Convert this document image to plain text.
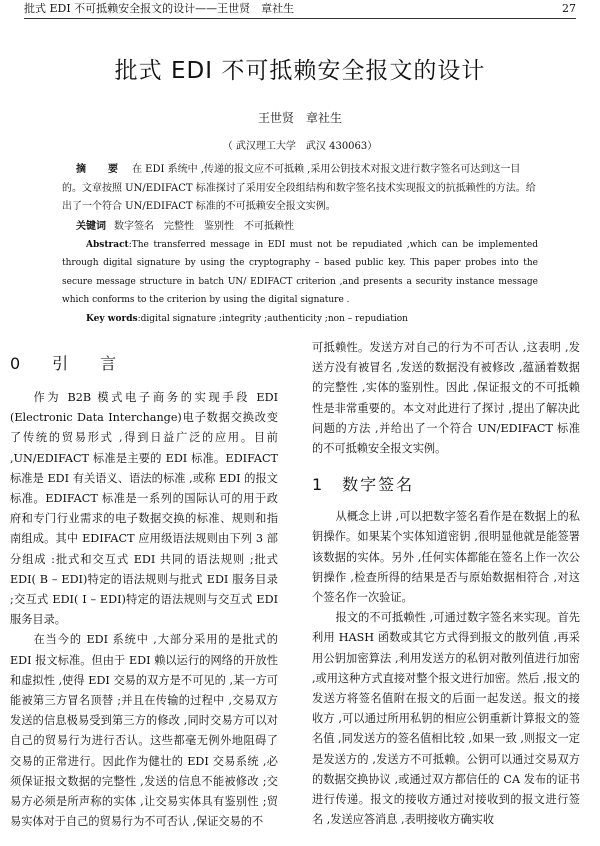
批式 EDI 不可抵赖安全报文的设计——王世贤　章社生	27
批式 EDI 不可抵赖安全报文的设计
王世贤　章社生
（ 武汉理工大学　武汉 430063）
摘　要 在 EDI 系统中 ,传递的报文应不可抵赖 ,采用公钥技术对报文进行数字签名可达到这一目的。文章按照 UN/EDIFACT 标准探讨了采用安全段组结构和数字签名技术实现报文的抗抵赖性的方法。给出了一个符合 UN/EDIFACT 标准的不可抵赖安全报文实例。
关键词 数字签名　完整性　鉴别性　不可抵赖性
Abstract:The transferred message in EDI must not be repudiated ,which can be implemented through digital signature by using the cryptography – based public key. This paper probes into the secure message structure in batch UN/ EDIFACT criterion ,and presents a security instance message which conforms to the criterion by using the digital signature .
Key words:digital signature ;integrity ;authenticity ;non – repudiation
0　引　言

作为 B2B 模式电子商务的实现手段 EDI (Electronic Data Interchange)电子数据交换改变了传统的贸易形式 ,得到日益广泛的应用。目前 ,UN/EDIFACT 标准是主要的 EDI 标准。EDIFACT 标准是 EDI 有关语义、语法的标准 ,或称 EDI 的报文标准。EDIFACT 标准是一系列的国际认可的用于政府和专门行业需求的电子数据交换的标准、规则和指南组成。其中 EDIFACT 应用级语法规则由下列 3 部分组成 :批式和交互式 EDI 共同的语法规则 ;批式 EDI( B – EDI)特定的语法规则与批式 EDI 服务目录 ;交互式 EDI( I – EDI)特定的语法规则与交互式 EDI 服务目录。

在当今的 EDI 系统中 ,大部分采用的是批式的 EDI 报文标准。但由于 EDI 赖以运行的网络的开放性和虚拟性 ,使得 EDI 交易的双方是不可见的 ,某一方可能被第三方冒名顶替 ;并且在传输的过程中 ,交易双方发送的信息极易受到第三方的修改 ,同时交易方可以对自己的贸易行为进行否认。这些都毫无例外地阻碍了交易的正常进行。因此作为健壮的 EDI 交易系统 ,必须保证报文数据的完整性 ,发送的信息不能被修改 ;交易方必须是所声称的实体 ,让交易实体具有鉴别性 ;贸易实体对于自己的贸易行为不可否认 ,保证交易的不

可抵赖性。发送方对自己的行为不可否认 ,这表明 ,发送方没有被冒名 ,发送的数据没有被修改 ,蕴涵着数据的完整性 ,实体的鉴别性。因此 ,保证报文的不可抵赖性是非常重要的。本文对此进行了探讨 ,提出了解决此问题的方法 ,并给出了一个符合 UN/EDIFACT 标准的不可抵赖安全报文实例。

1　数字签名

从概念上讲 ,可以把数字签名看作是在数据上的私钥操作。如果某个实体知道密钥 ,很明显他就是能签署该数据的实体。另外 ,任何实体都能在签名上作一次公钥操作 ,检查所得的结果是否与原始数据相符合 ,对这个签名作一次验证。

报文的不可抵赖性 ,可通过数字签名来实现。首先利用 HASH 函数或其它方式得到报文的散列值 ,再采用公钥加密算法 ,利用发送方的私钥对散列值进行加密 ,或用这种方式直接对整个报文进行加密。然后 ,报文的发送方将签名值附在报文的后面一起发送。报文的接收方 ,可以通过所用私钥的相应公钥重新计算报文的签名值 ,同发送方的签名值相比较 ,如果一致 ,则报文一定是发送方的 ,发送方不可抵赖。公钥可以通过交易双方的数据交换协议 ,或通过双方都信任的 CA 发布的证书进行传递。报文的接收方通过对接收到的报文进行签名 ,发送应答消息 ,表明接收方确实收
